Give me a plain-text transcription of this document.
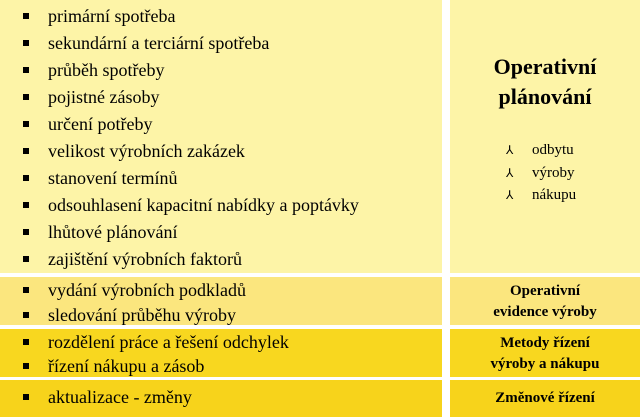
primární spotřeba
sekundární a terciární spotřeba
průběh spotřeby
pojistné zásoby
určení potřeby
velikost výrobních zakázek
stanovení termínů
odsouhlasení kapacitní nabídky a poptávky
lhůtové plánování
zajištění výrobních faktorů
Operativní
plánování
⅄ odbytu
⅄ výroby
⅄ nákupu
vydání výrobních podkladů
sledování průběhu výroby
Operativní
evidence výroby
rozdělení práce a řešení odchylek
řízení nákupu a zásob
Metody řízení
výroby a nákupu
aktualizace - změny	Změnové řízení
